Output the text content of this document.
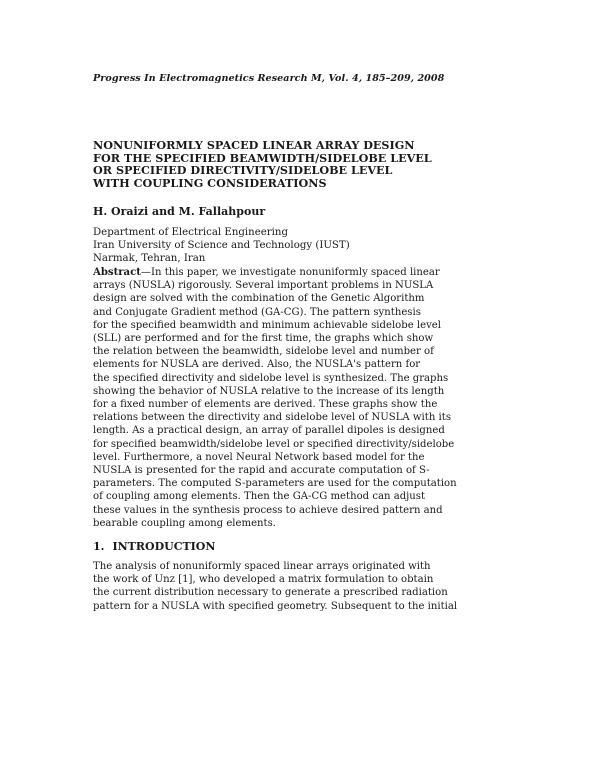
Progress In Electromagnetics Research M, Vol. 4, 185–209, 2008
NONUNIFORMLY SPACED LINEAR ARRAY DESIGN
FOR THE SPECIFIED BEAMWIDTH/SIDELOBE LEVEL
OR SPECIFIED DIRECTIVITY/SIDELOBE LEVEL
WITH COUPLING CONSIDERATIONS
H. Oraizi and M. Fallahpour
Department of Electrical Engineering
Iran University of Science and Technology (IUST)
Narmak, Tehran, Iran
Abstract—In this paper, we investigate nonuniformly spaced linear
arrays (NUSLA) rigorously. Several important problems in NUSLA
design are solved with the combination of the Genetic Algorithm
and Conjugate Gradient method (GA-CG). The pattern synthesis
for the specified beamwidth and minimum achievable sidelobe level
(SLL) are performed and for the first time, the graphs which show
the relation between the beamwidth, sidelobe level and number of
elements for NUSLA are derived. Also, the NUSLA's pattern for
the specified directivity and sidelobe level is synthesized. The graphs
showing the behavior of NUSLA relative to the increase of its length
for a fixed number of elements are derived. These graphs show the
relations between the directivity and sidelobe level of NUSLA with its
length. As a practical design, an array of parallel dipoles is designed
for specified beamwidth/sidelobe level or specified directivity/sidelobe
level. Furthermore, a novel Neural Network based model for the
NUSLA is presented for the rapid and accurate computation of S-
parameters. The computed S-parameters are used for the computation
of coupling among elements. Then the GA-CG method can adjust
these values in the synthesis process to achieve desired pattern and
bearable coupling among elements.
1. INTRODUCTION
The analysis of nonuniformly spaced linear arrays originated with
the work of Unz [1], who developed a matrix formulation to obtain
the current distribution necessary to generate a prescribed radiation
pattern for a NUSLA with specified geometry. Subsequent to the initial
